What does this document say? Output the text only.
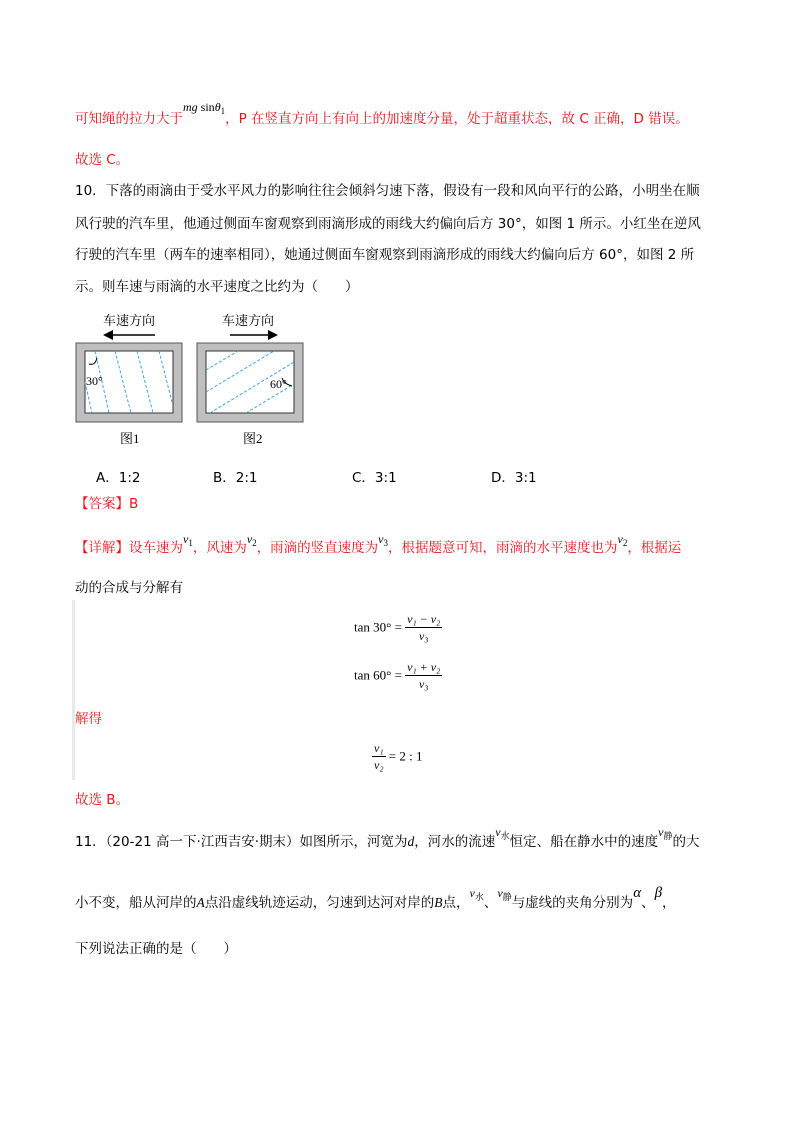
可知绳的拉力大于mg sinθ$_1$，P 在竖直方向上有向上的加速度分量，处于超重状态，故 C 正确，D 错误。
故选 C。
10．下落的雨滴由于受水平风力的影响往往会倾斜匀速下落，假设有一段和风向平行的公路，小明坐在顺
风行驶的汽车里，他通过侧面车窗观察到雨滴形成的雨线大约偏向后方 30°，如图 1 所示。小红坐在逆风
行驶的汽车里（两车的速率相同），她通过侧面车窗观察到雨滴形成的雨线大约偏向后方 60°，如图 2 所
示。则车速与雨滴的水平速度之比约为（　　）
车速方向
30°
图1
车速方向
60°
图2
A．1:2	B．2:1	C．3:1	D．3:1
【答案】B
【详解】设车速为$v_1$，风速为$v_2$，雨滴的竖直速度为$v_3$，根据题意可知，雨滴的水平速度也为$v_2$，根据运
动的合成与分解有
$\tan 30^\circ = \frac{\text{v₁ − v₂}}{\text{v₃}}$
$\tan 60^\circ = \frac{\text{v₁ + v₂}}{\text{v₃}}$
解得
$\frac{\text{v₁}}{\text{v₂}} = 2$ : 1
故选 B。
11．（20-21 高一下·江西吉安·期末）如图所示，河宽为d，河水的流速$v_水$恒定、船在静水中的速度$v_静$的大
小不变，船从河岸的A点沿虚线轨迹运动，匀速到达河对岸的B点，$v_水$、$v_静$与虚线的夹角分别为α、β，
下列说法正确的是（　　）
